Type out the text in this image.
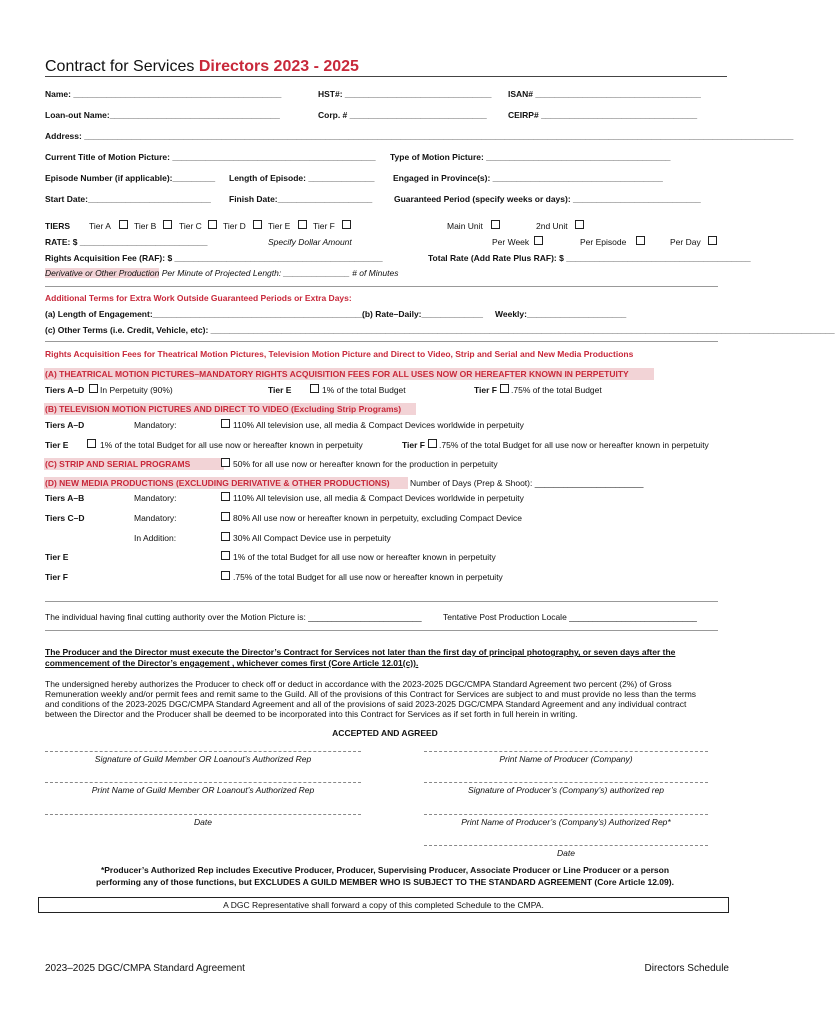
Contract for Services Directors 2023 - 2025
Name: ____________________________________________	HST#: _______________________________ ISAN# ___________________________________
Loan-out Name:____________________________________	Corp. # _____________________________	CEIRP# _________________________________
Address: ______________________________________________________________________________________________________________________________________________________
Current Title of Motion Picture: ___________________________________________ Type of Motion Picture: _______________________________________
Episode Number (if applicable):_________ Length of Episode: ______________ Engaged in Province(s): ____________________________________
Start Date:__________________________ Finish Date:____________________	Guaranteed Period (specify weeks or days): ___________________________
TIERS Tier A	Tier B	Tier C Tier D	Tier E	Tier F	Main Unit	2nd Unit
RATE: $ ___________________________	Specify Dollar Amount	Per Week	Per Episode	Per Day
Rights Acquisition Fee (RAF): $ ____________________________________________	Total Rate (Add Rate Plus RAF): $ _______________________________________
Derivative or Other Production Per Minute of Projected Length: ______________ # of Minutes
Additional Terms for Extra Work Outside Guaranteed Periods or Extra Days:
(a) Length of Engagement:_____________________________________________
(b) Rate–Daily:_____________ Weekly:_____________________
(c) Other Terms (i.e. Credit, Vehicle, etc): ____________________________________________________________________________________________________________________________________
Rights Acquisition Fees for Theatrical Motion Pictures, Television Motion Picture and Direct to Video, Strip and Serial and New Media Productions
(A) THEATRICAL MOTION PICTURES–MANDATORY RIGHTS ACQUISITION FEES FOR ALL USES NOW OR HEREAFTER KNOWN IN PERPETUITY
Tiers A–D In Perpetuity (90%)	Tier E	1% of the total Budget	Tier F .75% of the total Budget
(B) TELEVISION MOTION PICTURES AND DIRECT TO VIDEO (Excluding Strip Programs)
Tiers A–D	Mandatory:	110% All television use, all media & Compact Devices worldwide in perpetuity
Tier E	1% of the total Budget for all use now or hereafter known in perpetuity	Tier F .75% of the total Budget for all use now or hereafter known in perpetuity
(C) STRIP AND SERIAL PROGRAMS	50% for all use now or hereafter known for the production in perpetuity
(D) NEW MEDIA PRODUCTIONS (EXCLUDING DERIVATIVE & OTHER PRODUCTIONS) Number of Days (Prep & Shoot): _______________________
Tiers A–B	Mandatory:	110% All television use, all media & Compact Devices worldwide in perpetuity
Tiers C–D	Mandatory:	80% All use now or hereafter known in perpetuity, excluding Compact Device
In Addition:	30% All Compact Device use in perpetuity
Tier E	1% of the total Budget for all use now or hereafter known in perpetuity
Tier F	.75% of the total Budget for all use now or hereafter known in perpetuity
The individual having final cutting authority over the Motion Picture is: ________________________	Tentative Post Production Locale ___________________________
The Producer and the Director must execute the Director’s Contract for Services not later than the first day of principal photography, or seven days after the
commencement of the Director’s engagement , whichever comes first (Core Article 12.01(c)).
The undersigned hereby authorizes the Producer to check off or deduct in accordance with the 2023-2025 DGC/CMPA Standard Agreement two percent (2%) of Gross
Remuneration weekly and/or permit fees and remit same to the Guild. All of the provisions of this Contract for Services are subject to and must provide no less than the terms
and conditions of the 2023-2025 DGC/CMPA Standard Agreement and all of the provisions of said 2023-2025 DGC/CMPA Standard Agreement and any individual contract
between the Director and the Producer shall be deemed to be incorporated into this Contract for Services as if set forth in full herein in writing.
ACCEPTED AND AGREED
Signature of Guild Member OR Loanout’s Authorized Rep	Print Name of Producer (Company)
Print Name of Guild Member OR Loanout’s Authorized Rep	Signature of Producer’s (Company’s) authorized rep
Date	Print Name of Producer’s (Company’s) Authorized Rep*
Date
*Producer’s Authorized Rep includes Executive Producer, Producer, Supervising Producer, Associate Producer or Line Producer or a person
performing any of those functions, but EXCLUDES A GUILD MEMBER WHO IS SUBJECT TO THE STANDARD AGREEMENT (Core Article 12.09).
A DGC Representative shall forward a copy of this completed Schedule to the CMPA.
2023–2025 DGC/CMPA Standard Agreement	Directors Schedule
